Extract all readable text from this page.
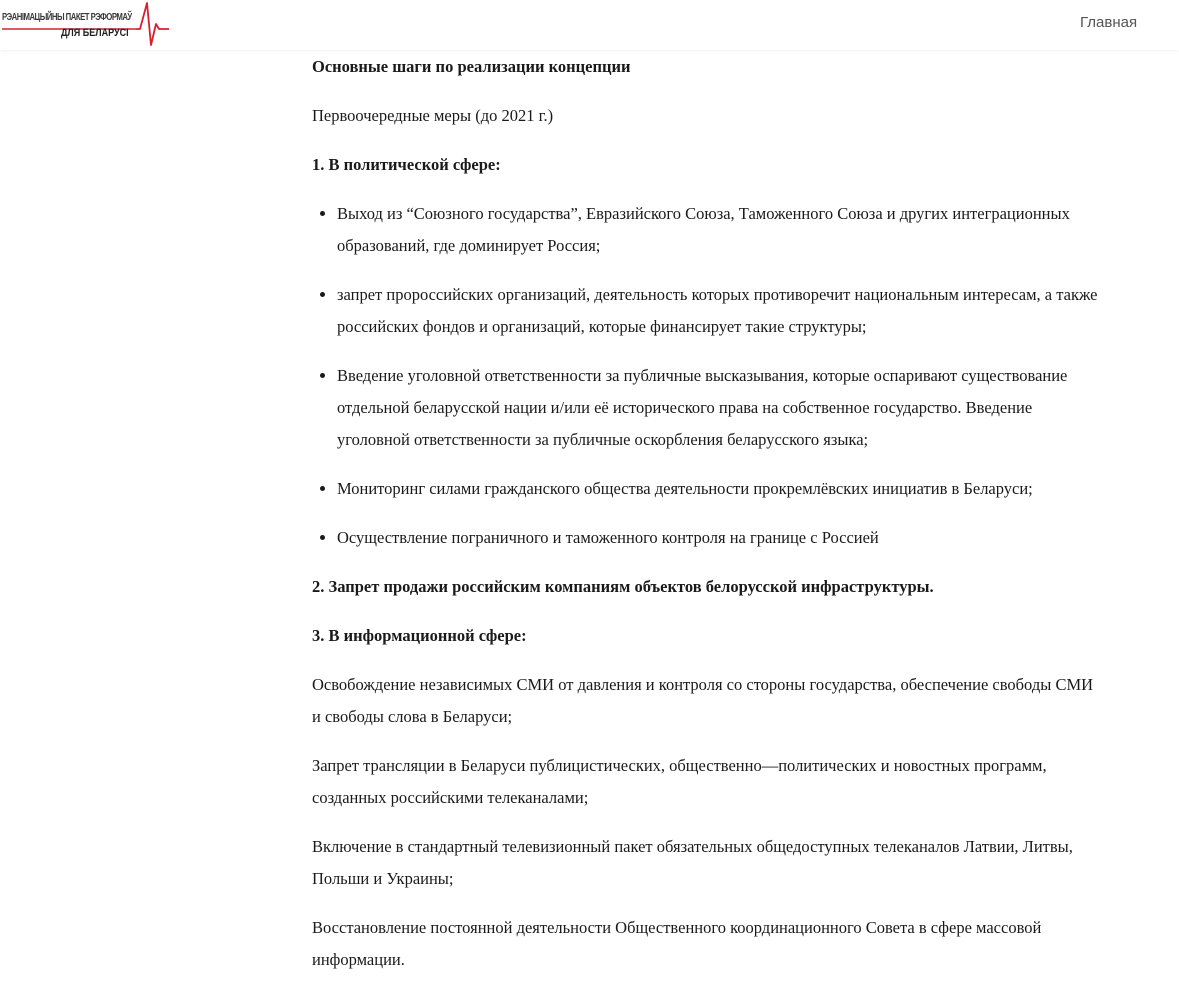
РЭАНІМАЦЫЙНЫ ПАКЕТ РЭФОРМАЎ
ДЛЯ БЕЛАРУСІ
Главная
Основные шаги по реализации концепции
Первоочередные меры (до 2021 г.)
1. В политической сфере:
Выход из “Союзного государства”, Евразийского Союза, Таможенного Союза и других интеграционных
образований, где доминирует Россия;
запрет пророссийских организаций, деятельность которых противоречит национальным интересам, а также
российских фондов и организаций, которые финансирует такие структуры;
Введение уголовной ответственности за публичные высказывания, которые оспаривают существование
отдельной беларусской нации и/или её исторического права на собственное государство. Введение
уголовной ответственности за публичные оскорбления беларусского языка;
Мониторинг силами гражданского общества деятельности прокремлёвских инициатив в Беларуси;
Осуществление пограничного и таможенного контроля на границе с Россией
2. Запрет продажи российским компаниям объектов белорусской инфраструктуры.
3. В информационной сфере:
Освобождение независимых СМИ от давления и контроля со стороны государства, обеспечение свободы СМИ
и свободы слова в Беларуси;
Запрет трансляции в Беларуси публицистических, общественно—политических и новостных программ,
созданных российскими телеканалами;
Включение в стандартный телевизионный пакет обязательных общедоступных телеканалов Латвии, Литвы,
Польши и Украины;
Восстановление постоянной деятельности Общественного координационного Совета в сфере массовой
информации.
